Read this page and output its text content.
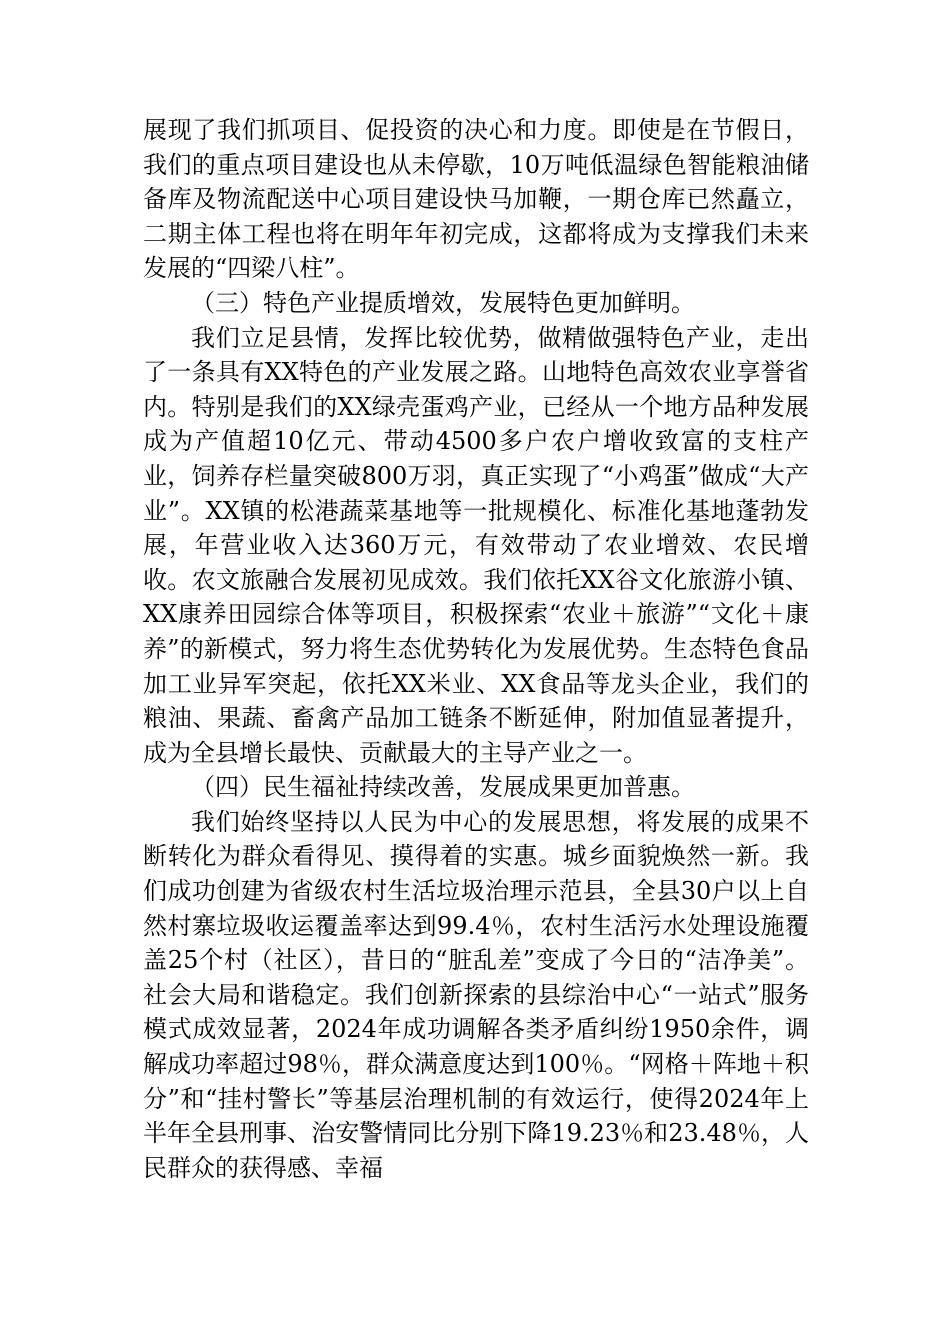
展现了我们抓项目、促投资的决心和力度。即使是在节假日，我们的重点项目建设也从未停歇，10万吨低温绿色智能粮油储备库及物流配送中心项目建设快马加鞭，一期仓库已然矗立，二期主体工程也将在明年年初完成，这都将成为支撑我们未来发展的“四梁八柱”。

（三）特色产业提质增效，发展特色更加鲜明。

我们立足县情，发挥比较优势，做精做强特色产业，走出了一条具有XX特色的产业发展之路。山地特色高效农业享誉省内。特别是我们的XX绿壳蛋鸡产业，已经从一个地方品种发展成为产值超10亿元、带动4500多户农户增收致富的支柱产业，饲养存栏量突破800万羽，真正实现了“小鸡蛋”做成“大产业”。XX镇的松港蔬菜基地等一批规模化、标准化基地蓬勃发展，年营业收入达360万元，有效带动了农业增效、农民增收。农文旅融合发展初见成效。我们依托XX谷文化旅游小镇、XX康养田园综合体等项目，积极探索“农业＋旅游”“文化＋康养”的新模式，努力将生态优势转化为发展优势。生态特色食品加工业异军突起，依托XX米业、XX食品等龙头企业，我们的粮油、果蔬、畜禽产品加工链条不断延伸，附加值显著提升，成为全县增长最快、贡献最大的主导产业之一。

（四）民生福祉持续改善，发展成果更加普惠。

我们始终坚持以人民为中心的发展思想，将发展的成果不断转化为群众看得见、摸得着的实惠。城乡面貌焕然一新。我们成功创建为省级农村生活垃圾治理示范县，全县30户以上自然村寨垃圾收运覆盖率达到99.4％，农村生活污水处理设施覆盖25个村（社区），昔日的“脏乱差”变成了今日的“洁净美”。社会大局和谐稳定。我们创新探索的县综治中心“一站式”服务模式成效显著，2024年成功调解各类矛盾纠纷1950余件，调解成功率超过98％，群众满意度达到100％。“网格＋阵地＋积分”和“挂村警长”等基层治理机制的有效运行，使得2024年上半年全县刑事、治安警情同比分别下降19.23％和23.48％，人民群众的获得感、幸福
